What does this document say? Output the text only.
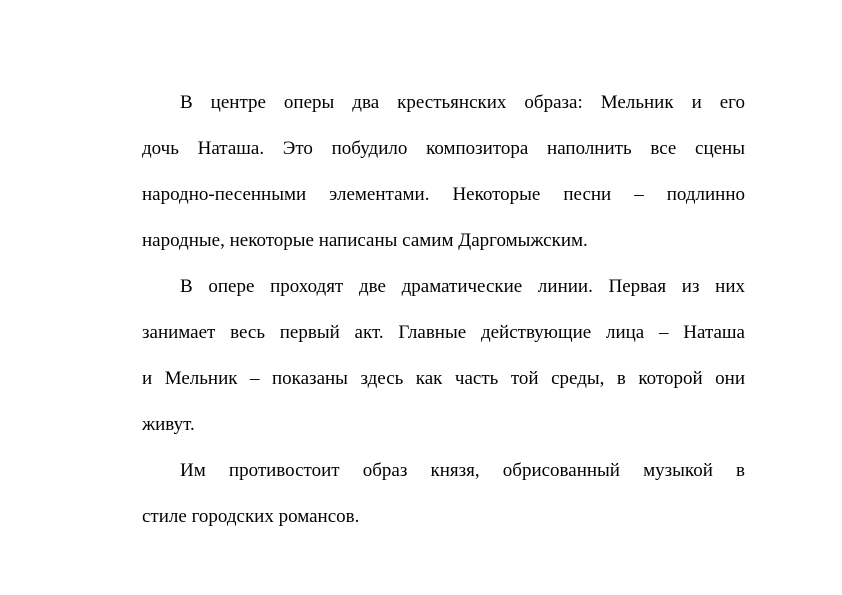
В центре оперы два крестьянских образа: Мельник и его
дочь Наташа. Это побудило композитора наполнить все сцены
народно-песенными элементами. Некоторые песни – подлинно
народные, некоторые написаны самим Даргомыжским.
В опере проходят две драматические линии. Первая из них
занимает весь первый акт. Главные действующие лица – Наташа
и Мельник – показаны здесь как часть той среды, в которой они
живут.
Им противостоит образ князя, обрисованный музыкой в
стиле городских романсов.
